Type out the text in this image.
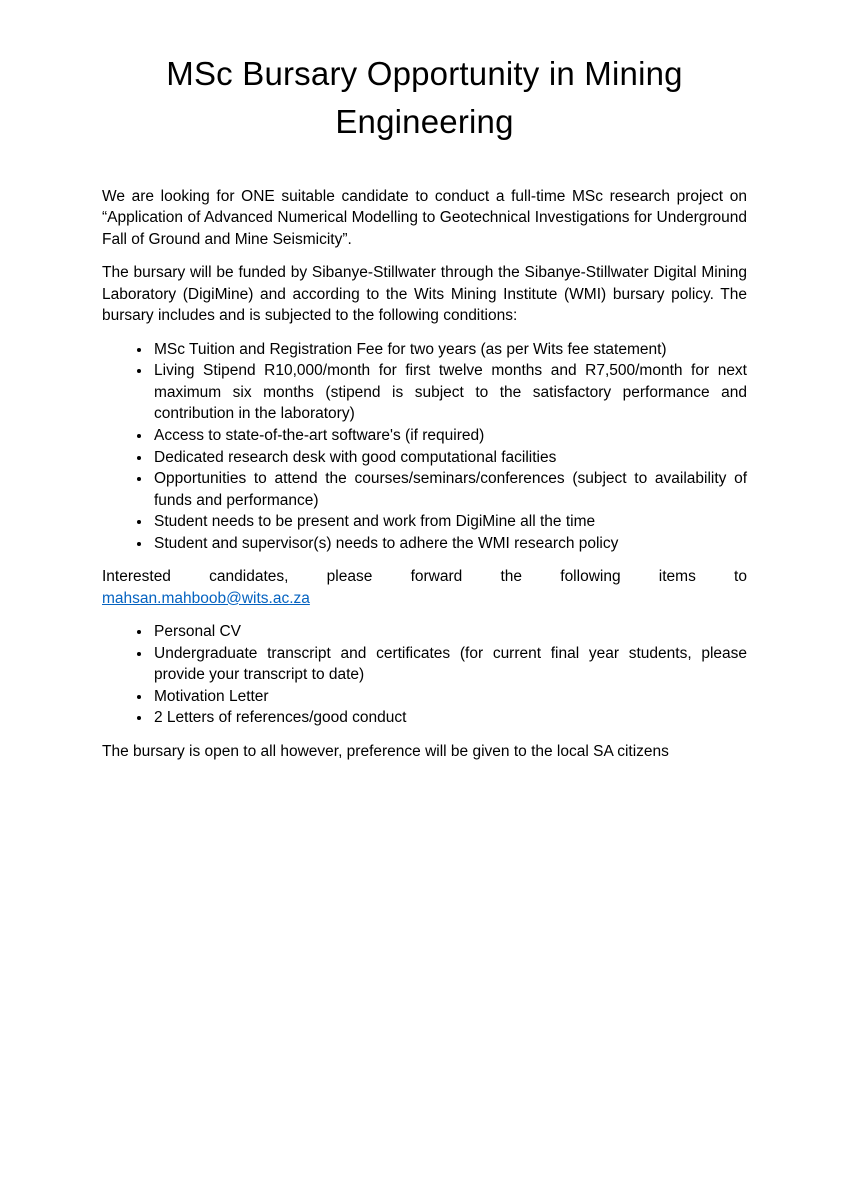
MSc Bursary Opportunity in Mining Engineering

We are looking for ONE suitable candidate to conduct a full-time MSc research project on “Application of Advanced Numerical Modelling to Geotechnical Investigations for Underground Fall of Ground and Mine Seismicity”.

The bursary will be funded by Sibanye-Stillwater through the Sibanye-Stillwater Digital Mining Laboratory (DigiMine) and according to the Wits Mining Institute (WMI) bursary policy. The bursary includes and is subjected to the following conditions:

• MSc Tuition and Registration Fee for two years (as per Wits fee statement)
• Living Stipend R10,000/month for first twelve months and R7,500/month for next maximum six months (stipend is subject to the satisfactory performance and contribution in the laboratory)
• Access to state-of-the-art software's (if required)
• Dedicated research desk with good computational facilities
• Opportunities to attend the courses/seminars/conferences (subject to availability of funds and performance)
• Student needs to be present and work from DigiMine all the time
• Student and supervisor(s) needs to adhere the WMI research policy
Interested candidates, please forward the following items to
mahsan.mahboob@wits.ac.za
• Personal CV
• Undergraduate transcript and certificates (for current final year students, please provide your transcript to date)
• Motivation Letter
• 2 Letters of references/good conduct

The bursary is open to all however, preference will be given to the local SA citizens
